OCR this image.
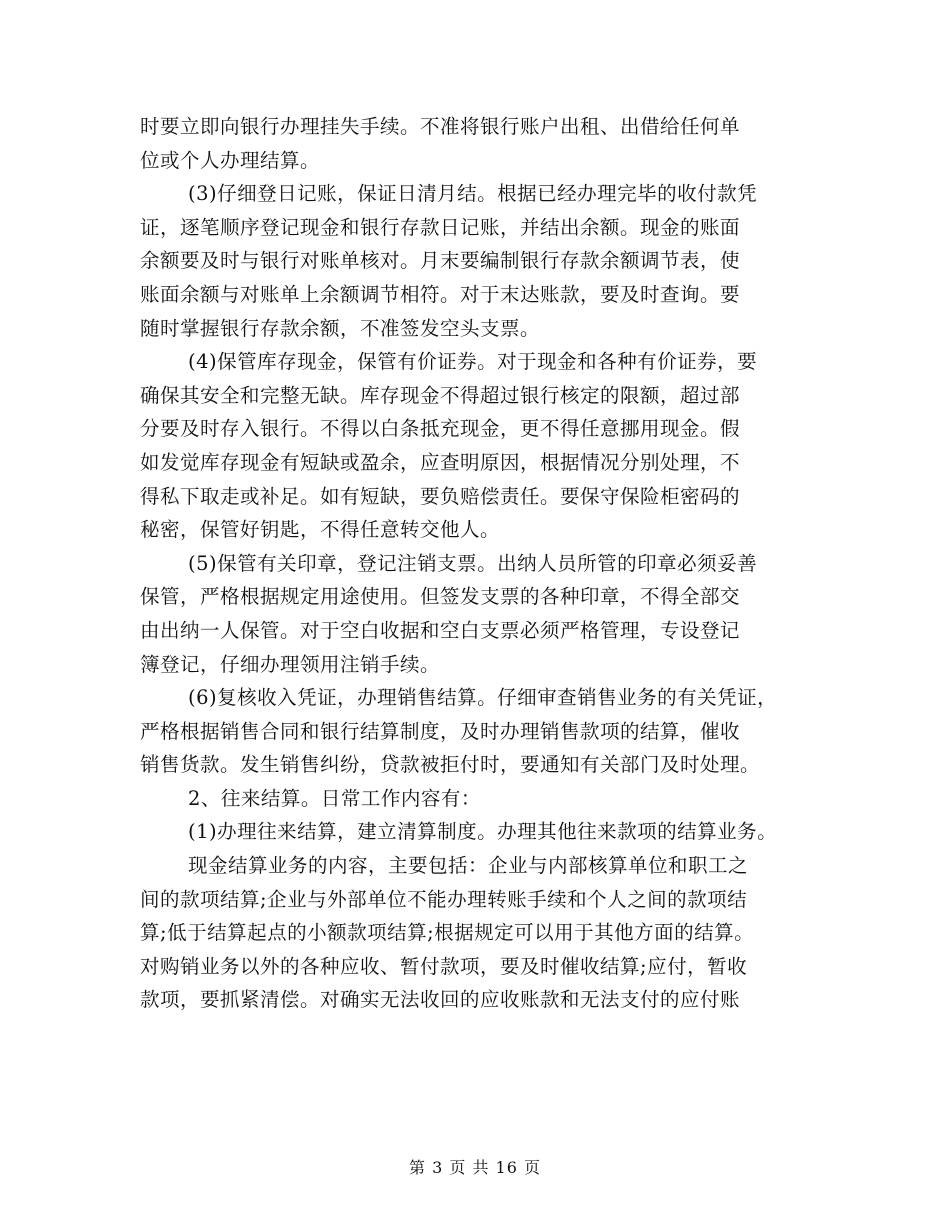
时要立即向银行办理挂失手续。不准将银行账户出租、出借给任何单
位或个人办理结算。
(3)仔细登日记账，保证日清月结。根据已经办理完毕的收付款凭
证，逐笔顺序登记现金和银行存款日记账，并结出余额。现金的账面
余额要及时与银行对账单核对。月末要编制银行存款余额调节表，使
账面余额与对账单上余额调节相符。对于末达账款，要及时查询。要
随时掌握银行存款余额，不准签发空头支票。
(4)保管库存现金，保管有价证券。对于现金和各种有价证券，要
确保其安全和完整无缺。库存现金不得超过银行核定的限额，超过部
分要及时存入银行。不得以白条抵充现金，更不得任意挪用现金。假
如发觉库存现金有短缺或盈余，应查明原因，根据情况分别处理，不
得私下取走或补足。如有短缺，要负赔偿责任。要保守保险柜密码的
秘密，保管好钥匙，不得任意转交他人。
(5)保管有关印章，登记注销支票。出纳人员所管的印章必须妥善
保管，严格根据规定用途使用。但签发支票的各种印章，不得全部交
由出纳一人保管。对于空白收据和空白支票必须严格管理，专设登记
簿登记，仔细办理领用注销手续。
(6)复核收入凭证，办理销售结算。仔细审查销售业务的有关凭证，
严格根据销售合同和银行结算制度，及时办理销售款项的结算，催收
销售货款。发生销售纠纷，贷款被拒付时，要通知有关部门及时处理。
2、往来结算。日常工作内容有：
(1)办理往来结算，建立清算制度。办理其他往来款项的结算业务。
现金结算业务的内容，主要包括：企业与内部核算单位和职工之
间的款项结算;企业与外部单位不能办理转账手续和个人之间的款项结
算;低于结算起点的小额款项结算;根据规定可以用于其他方面的结算。
对购销业务以外的各种应收、暂付款项，要及时催收结算;应付，暂收
款项，要抓紧清偿。对确实无法收回的应收账款和无法支付的应付账
第 3 页 共 16 页
